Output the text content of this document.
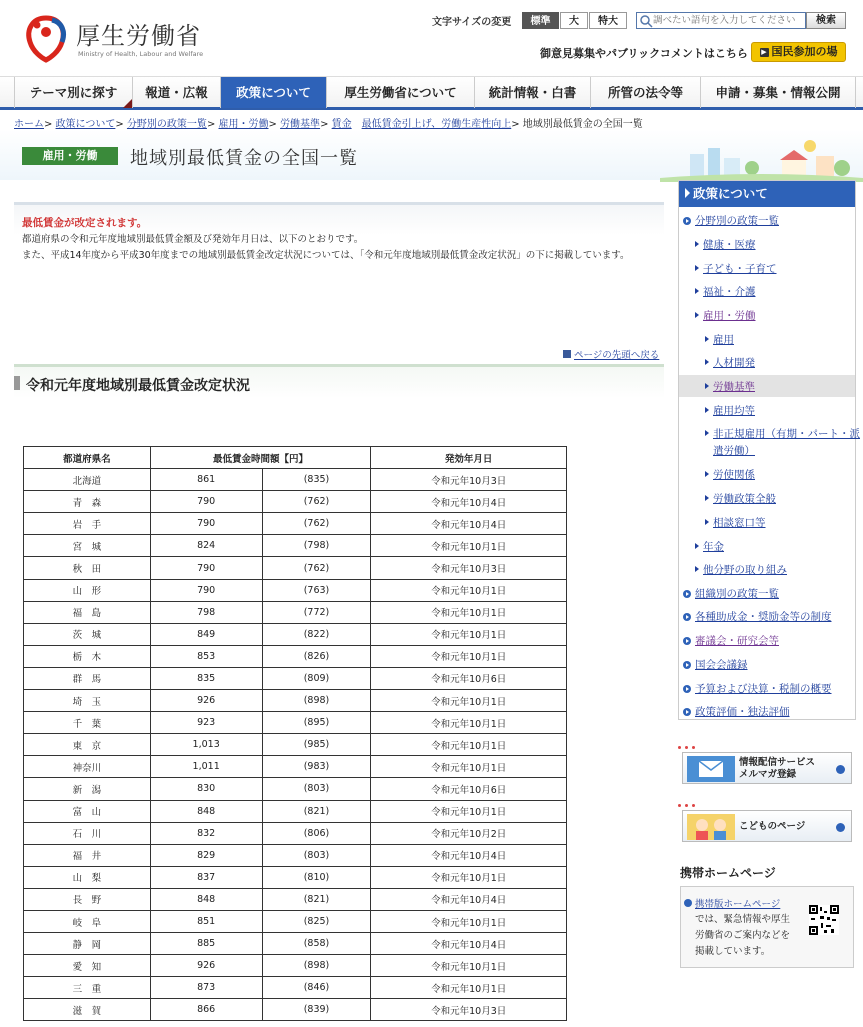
厚生労働省
Ministry of Health, Labour and Welfare
文字サイズの変更	標準	大	特大
調べたい語句を入力してください	検索
御意見募集やパブリックコメントはこちら	▶ 国民参加の場
テーマ別に探す	報道・広報	政策について	厚生労働省について	統計情報・白書	所管の法令等	申請・募集・情報公開
ホーム> 政策について> 分野別の政策一覧> 雇用・労働> 労働基準> 賃金　 最低賃金引上げ、労働生産性向上> 地域別最低賃金の全国一覧
雇用・労働	地域別最低賃金の全国一覧
最低賃金が改定されます。
都道府県の令和元年度地域別最低賃金額及び発効年月日は、以下のとおりです。
また、平成14年度から平成30年度までの地域別最低賃金改定状況については、「令和元年度地域別最低賃金改定状況」の下に掲載しています。
ページの先頭へ戻る
令和元年度地域別最低賃金改定状況
都道府県名	最低賃金時間額【円】		発効年月日
北海道	861	(835)	令和元年10月3日
青　森	790	(762)	令和元年10月4日
岩　手	790	(762)	令和元年10月4日
宮　城	824	(798)	令和元年10月1日
秋　田	790	(762)	令和元年10月3日
山　形	790	(763)	令和元年10月1日
福　島	798	(772)	令和元年10月1日
茨　城	849	(822)	令和元年10月1日
栃　木	853	(826)	令和元年10月1日
群　馬	835	(809)	令和元年10月6日
埼　玉	926	(898)	令和元年10月1日
千　葉	923	(895)	令和元年10月1日
東　京	1,013	(985)	令和元年10月1日
神奈川	1,011	(983)	令和元年10月1日
新　潟	830	(803)	令和元年10月6日
富　山	848	(821)	令和元年10月1日
石　川	832	(806)	令和元年10月2日
福　井	829	(803)	令和元年10月4日
山　梨	837	(810)	令和元年10月1日
長　野	848	(821)	令和元年10月4日
岐　阜	851	(825)	令和元年10月1日
静　岡	885	(858)	令和元年10月4日
愛　知	926	(898)	令和元年10月1日
三　重	873	(846)	令和元年10月1日
滋　賀	866	(839)	令和元年10月3日
政策について
分野別の政策一覧
健康・医療
子ども・子育て
福祉・介護
雇用・労働
雇用
人材開発
労働基準
雇用均等
非正規雇用（有期・パート・派
遣労働）
労使関係
労働政策全般
相談窓口等
年金
他分野の取り組み
組織別の政策一覧
各種助成金・奨励金等の制度
審議会・研究会等
国会会議録
予算および決算・税制の概要
政策評価・独法評価
情報配信サービス
メルマガ登録
こどものページ
携帯ホームページ
携帯版ホームページ
では、緊急情報や厚生労働省のご案内などを掲載しています。
